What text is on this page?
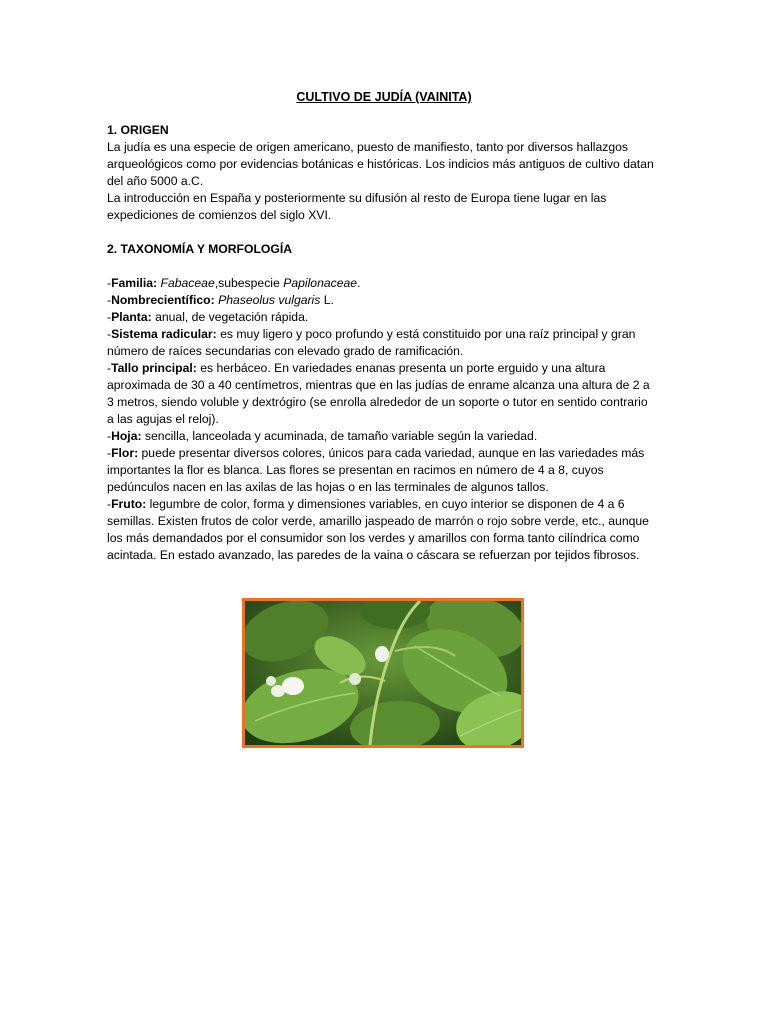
CULTIVO DE JUDÍA (VAINITA)

1. ORIGEN

La judía es una especie de origen americano, puesto de manifiesto, tanto por diversos hallazgos arqueológicos como por evidencias botánicas e históricas. Los indicios más antiguos de cultivo datan del año 5000 a.C.

La introducción en España y posteriormente su difusión al resto de Europa tiene lugar en las expediciones de comienzos del siglo XVI.

2. TAXONOMÍA Y MORFOLOGÍA

-Familia: Fabaceae,subespecie Papilonaceae.

-Nombrecientífico: Phaseolus vulgaris L.

-Planta: anual, de vegetación rápida.

-Sistema radicular: es muy ligero y poco profundo y está constituido por una raíz principal y gran número de raíces secundarias con elevado grado de ramificación.

-Tallo principal: es herbáceo. En variedades enanas presenta un porte erguido y una altura aproximada de 30 a 40 centímetros, mientras que en las judías de enrame alcanza una altura de 2 a 3 metros, siendo voluble y dextrógiro (se enrolla alrededor de un soporte o tutor en sentido contrario a las agujas el reloj).

-Hoja: sencilla, lanceolada y acuminada, de tamaño variable según la variedad.

-Flor: puede presentar diversos colores, únicos para cada variedad, aunque en las variedades más importantes la flor es blanca. Las flores se presentan en racimos en número de 4 a 8, cuyos pedúnculos nacen en las axilas de las hojas o en las terminales de algunos tallos.

-Fruto: legumbre de color, forma y dimensiones variables, en cuyo interior se disponen de 4 a 6 semillas. Existen frutos de color verde, amarillo jaspeado de marrón o rojo sobre verde, etc., aunque los más demandados por el consumidor son los verdes y amarillos con forma tanto cilíndrica como acintada. En estado avanzado, las paredes de la vaina o cáscara se refuerzan por tejidos fibrosos.
